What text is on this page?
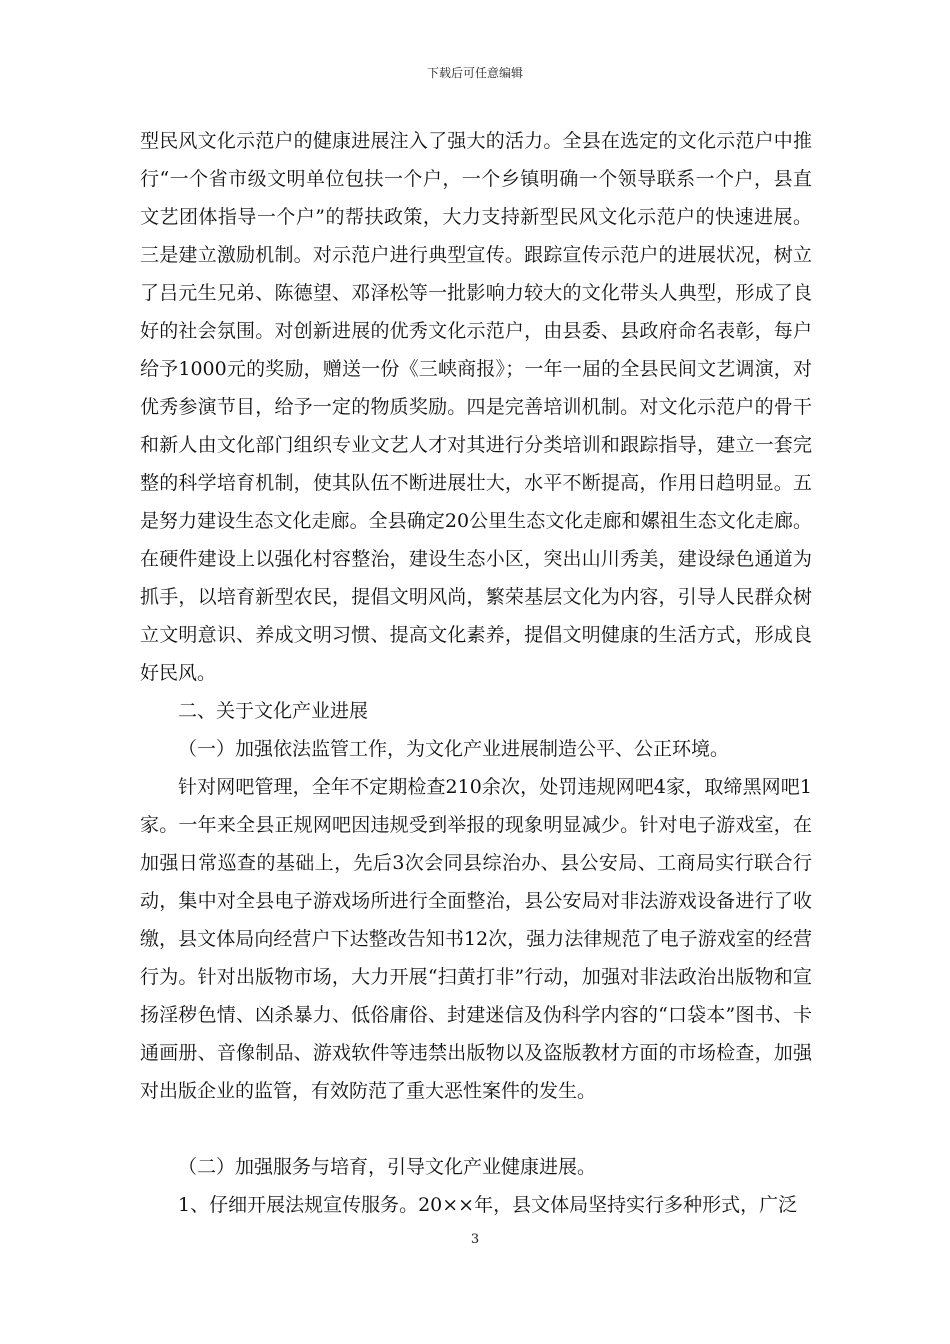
下载后可任意编辑

型民风文化示范户的健康进展注入了强大的活力。全县在选定的文化示范户中推行“一个省市级文明单位包扶一个户，一个乡镇明确一个领导联系一个户，县直文艺团体指导一个户”的帮扶政策，大力支持新型民风文化示范户的快速进展。三是建立激励机制。对示范户进行典型宣传。跟踪宣传示范户的进展状况，树立了吕元生兄弟、陈德望、邓泽松等一批影响力较大的文化带头人典型，形成了良好的社会氛围。对创新进展的优秀文化示范户，由县委、县政府命名表彰，每户给予1000元的奖励，赠送一份《三峡商报》；一年一届的全县民间文艺调演，对优秀参演节目，给予一定的物质奖励。四是完善培训机制。对文化示范户的骨干和新人由文化部门组织专业文艺人才对其进行分类培训和跟踪指导，建立一套完整的科学培育机制，使其队伍不断进展壮大，水平不断提高，作用日趋明显。五是努力建设生态文化走廊。全县确定20公里生态文化走廊和嫘祖生态文化走廊。在硬件建设上以强化村容整治，建设生态小区，突出山川秀美，建设绿色通道为抓手，以培育新型农民，提倡文明风尚，繁荣基层文化为内容，引导人民群众树立文明意识、养成文明习惯、提高文化素养，提倡文明健康的生活方式，形成良好民风。

二、关于文化产业进展

（一）加强依法监管工作，为文化产业进展制造公平、公正环境。

针对网吧管理，全年不定期检查210余次，处罚违规网吧4家，取缔黑网吧1家。一年来全县正规网吧因违规受到举报的现象明显减少。针对电子游戏室，在加强日常巡查的基础上，先后3次会同县综治办、县公安局、工商局实行联合行动，集中对全县电子游戏场所进行全面整治，县公安局对非法游戏设备进行了收缴，县文体局向经营户下达整改告知书12次，强力法律规范了电子游戏室的经营行为。针对出版物市场，大力开展“扫黄打非”行动，加强对非法政治出版物和宣扬淫秽色情、凶杀暴力、低俗庸俗、封建迷信及伪科学内容的“口袋本”图书、卡通画册、音像制品、游戏软件等违禁出版物以及盗版教材方面的市场检查，加强对出版企业的监管，有效防范了重大恶性案件的发生。

（二）加强服务与培育，引导文化产业健康进展。

1、仔细开展法规宣传服务。20××年，县文体局坚持实行多种形式，广泛

3
